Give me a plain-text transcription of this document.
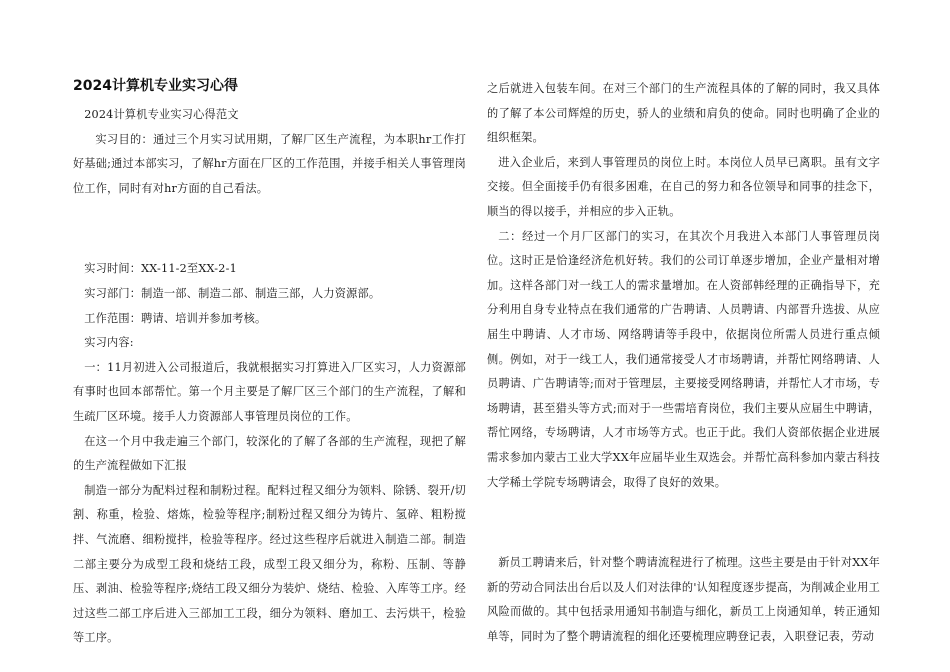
2024计算机专业实习心得

2024计算机专业实习心得范文

实习目的：通过三个月实习试用期，了解厂区生产流程，为本职hr工作打好基础;通过本部实习，了解hr方面在厂区的工作范围，并接手相关人事管理岗位工作，同时有对hr方面的自己看法。

实习时间：XX-11-2至XX-2-1

实习部门：制造一部、制造二部、制造三部，人力资源部。

工作范围：聘请、培训并参加考核。

实习内容:

一：11月初进入公司报道后，我就根据实习打算进入厂区实习，人力资源部有事时也回本部帮忙。第一个月主要是了解厂区三个部门的生产流程，了解和生疏厂区环境。接手人力资源部人事管理员岗位的工作。

在这一个月中我走遍三个部门，较深化的了解了各部的生产流程，现把了解的生产流程做如下汇报

制造一部分为配料过程和制粉过程。配料过程又细分为领料、除锈、裂开/切割、称重，检验、熔炼，检验等程序;制粉过程又细分为铸片、氢碎、粗粉搅拌、气流磨、细粉搅拌，检验等程序。经过这些程序后就进入制造二部。制造二部主要分为成型工段和烧结工段，成型工段又细分为，称粉、压制、等静压、剥油、检验等程序;烧结工段又细分为装炉、烧结、检验、入库等工序。经过这些二部工序后进入三部加工工段，细分为领料、磨加工、去污烘干，检验等工序。

之后就进入包装车间。在对三个部门的生产流程具体的了解的同时，我又具体的了解了本公司辉煌的历史，骄人的业绩和肩负的使命。同时也明确了企业的组织框架。

进入企业后，来到人事管理员的岗位上时。本岗位人员早已离职。虽有文字交接。但全面接手仍有很多困难，在自己的努力和各位领导和同事的挂念下，顺当的得以接手，并相应的步入正轨。

二：经过一个月厂区部门的实习，在其次个月我进入本部门人事管理员岗位。这时正是恰逢经济危机好转。我们的公司订单逐步增加，企业产量相对增加。这样各部门对一线工人的需求量增加。在人资部韩经理的正确指导下，充分利用自身专业特点在我们通常的广告聘请、人员聘请、内部晋升选拔、从应届生中聘请、人才市场、网络聘请等手段中，依据岗位所需人员进行重点倾侧。例如，对于一线工人，我们通常接受人才市场聘请，并帮忙网络聘请、人员聘请、广告聘请等;而对于管理层，主要接受网络聘请，并帮忙人才市场，专场聘请，甚至猎头等方式;而对于一些需培育岗位，我们主要从应届生中聘请，帮忙网络，专场聘请，人才市场等方式。也正于此。我们人资部依据企业进展需求参加内蒙古工业大学XX年应届毕业生双选会。并帮忙高科参加内蒙古科技大学稀土学院专场聘请会，取得了良好的效果。

新员工聘请来后，针对整个聘请流程进行了梳理。这些主要是由于针对XX年新的劳动合同法出台后以及人们对法律的'认知程度逐步提高，为削减企业用工风险而做的。其中包括录用通知书制造与细化，新员工上岗通知单，转正通知单等，同时为了整个聘请流程的细化还要梳理应聘登记表，入职登记表，劳动
